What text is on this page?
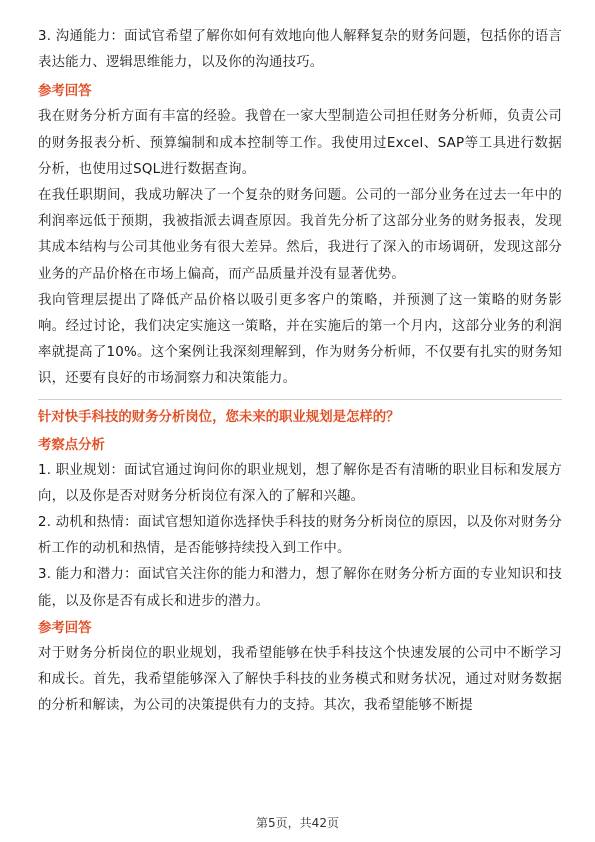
3. 沟通能力：面试官希望了解你如何有效地向他人解释复杂的财务问题，包括你的语言表达能力、逻辑思维能力，以及你的沟通技巧。

参考回答

我在财务分析方面有丰富的经验。我曾在一家大型制造公司担任财务分析师，负责公司的财务报表分析、预算编制和成本控制等工作。我使用过Excel、SAP等工具进行数据分析，也使用过SQL进行数据查询。

在我任职期间，我成功解决了一个复杂的财务问题。公司的一部分业务在过去一年中的利润率远低于预期，我被指派去调查原因。我首先分析了这部分业务的财务报表，发现其成本结构与公司其他业务有很大差异。然后，我进行了深入的市场调研，发现这部分业务的产品价格在市场上偏高，而产品质量并没有显著优势。

我向管理层提出了降低产品价格以吸引更多客户的策略，并预测了这一策略的财务影响。经过讨论，我们决定实施这一策略，并在实施后的第一个月内，这部分业务的利润率就提高了10%。这个案例让我深刻理解到，作为财务分析师，不仅要有扎实的财务知识，还要有良好的市场洞察力和决策能力。

针对快手科技的财务分析岗位，您未来的职业规划是怎样的？
考察点分析

1. 职业规划：面试官通过询问你的职业规划，想了解你是否有清晰的职业目标和发展方向，以及你是否对财务分析岗位有深入的了解和兴趣。

2. 动机和热情：面试官想知道你选择快手科技的财务分析岗位的原因，以及你对财务分析工作的动机和热情，是否能够持续投入到工作中。

3. 能力和潜力：面试官关注你的能力和潜力，想了解你在财务分析方面的专业知识和技能，以及你是否有成长和进步的潜力。

参考回答

对于财务分析岗位的职业规划，我希望能够在快手科技这个快速发展的公司中不断学习和成长。首先，我希望能够深入了解快手科技的业务模式和财务状况，通过对财务数据的分析和解读，为公司的决策提供有力的支持。其次，我希望能够不断提

第5页，共42页
